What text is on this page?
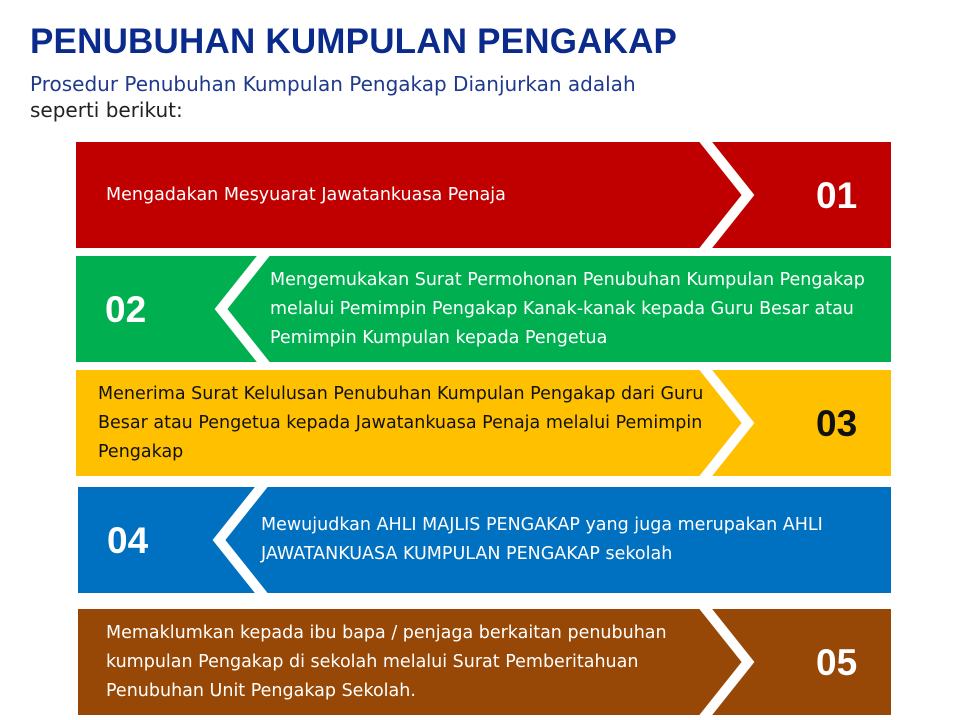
PENUBUHAN KUMPULAN PENGAKAP
Prosedur Penubuhan Kumpulan Pengakap Dianjurkan adalah
seperti berikut:
Mengadakan Mesyuarat Jawatankuasa Penaja	01
02
Mengemukakan Surat Permohonan Penubuhan Kumpulan Pengakap melalui Pemimpin Pengakap Kanak-kanak kepada Guru Besar atau Pemimpin Kumpulan kepada Pengetua
Menerima Surat Kelulusan Penubuhan Kumpulan Pengakap dari Guru Besar atau Pengetua kepada Jawatankuasa Penaja melalui Pemimpin Pengakap
03
04	Mewujudkan AHLI MAJLIS PENGAKAP yang juga merupakan AHLI JAWATANKUASA KUMPULAN PENGAKAP sekolah
Memaklumkan kepada ibu bapa / penjaga berkaitan penubuhan kumpulan Pengakap di sekolah melalui Surat Pemberitahuan Penubuhan Unit Pengakap Sekolah.
05
